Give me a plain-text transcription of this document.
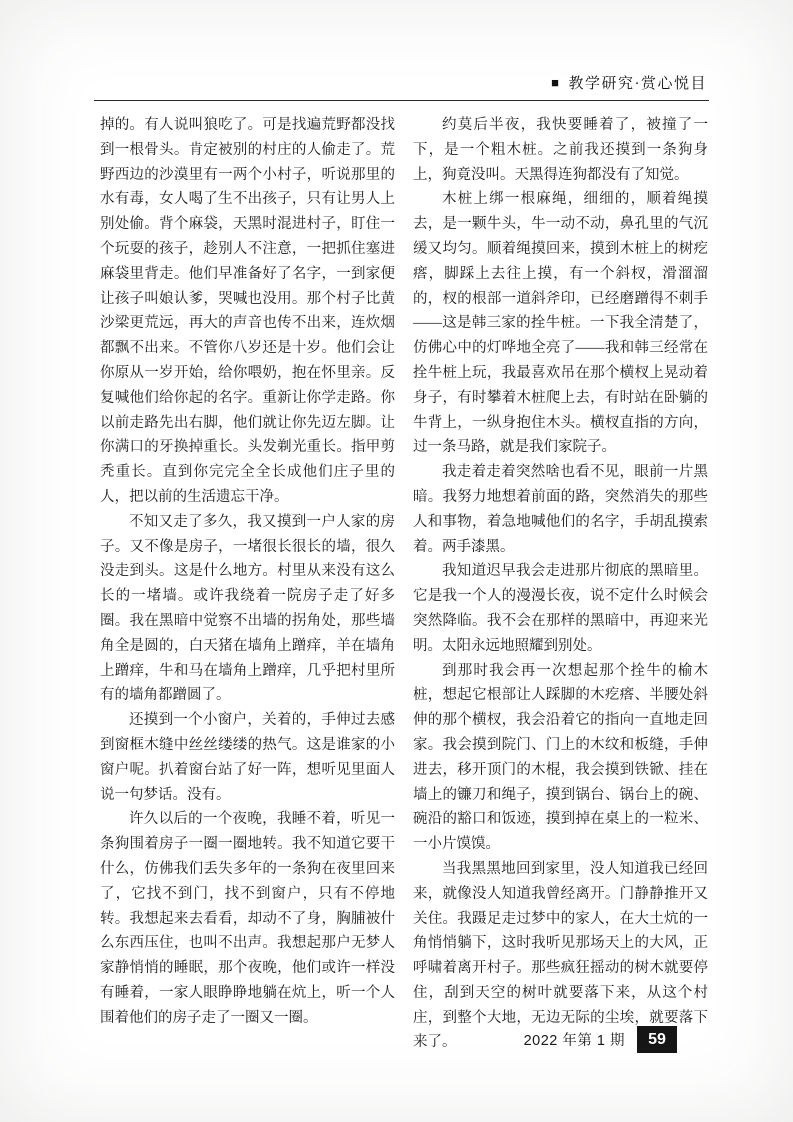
■ 教学研究·赏心悦目

掉的。有人说叫狼吃了。可是找遍荒野都没找到一根骨头。肯定被别的村庄的人偷走了。荒野西边的沙漠里有一两个小村子，听说那里的水有毒，女人喝了生不出孩子，只有让男人上别处偷。背个麻袋，天黑时混进村子，盯住一个玩耍的孩子，趁别人不注意，一把抓住塞进麻袋里背走。他们早准备好了名字，一到家便让孩子叫娘认爹，哭喊也没用。那个村子比黄沙梁更荒远，再大的声音也传不出来，连炊烟都飘不出来。不管你八岁还是十岁。他们会让你原从一岁开始，给你喂奶，抱在怀里亲。反复喊他们给你起的名字。重新让你学走路。你以前走路先出右脚，他们就让你先迈左脚。让你满口的牙换掉重长。头发剃光重长。指甲剪秃重长。直到你完完全全长成他们庄子里的人，把以前的生活遗忘干净。

不知又走了多久，我又摸到一户人家的房子。又不像是房子，一堵很长很长的墙，很久没走到头。这是什么地方。村里从来没有这么长的一堵墙。或许我绕着一院房子走了好多圈。我在黑暗中觉察不出墙的拐角处，那些墙角全是圆的，白天猪在墙角上蹭痒，羊在墙角上蹭痒，牛和马在墙角上蹭痒，几乎把村里所有的墙角都蹭圆了。

还摸到一个小窗户，关着的，手伸过去感到窗框木缝中丝丝缕缕的热气。这是谁家的小窗户呢。扒着窗台站了好一阵，想听见里面人说一句梦话。没有。

许久以后的一个夜晚，我睡不着，听见一条狗围着房子一圈一圈地转。我不知道它要干什么，仿佛我们丢失多年的一条狗在夜里回来了，它找不到门，找不到窗户，只有不停地转。我想起来去看看，却动不了身，胸脯被什么东西压住，也叫不出声。我想起那户无梦人家静悄悄的睡眠，那个夜晚，他们或许一样没有睡着，一家人眼睁睁地躺在炕上，听一个人围着他们的房子走了一圈又一圈。

约莫后半夜，我快要睡着了，被撞了一下，是一个粗木桩。之前我还摸到一条狗身上，狗竟没叫。天黑得连狗都没有了知觉。

木桩上绑一根麻绳，细细的，顺着绳摸去，是一颗牛头，牛一动不动，鼻孔里的气沉缓又均匀。顺着绳摸回来，摸到木桩上的树疙瘩，脚踩上去往上摸，有一个斜杈，滑溜溜的，杈的根部一道斜斧印，已经磨蹭得不刺手——这是韩三家的拴牛桩。一下我全清楚了，仿佛心中的灯哗地全亮了——我和韩三经常在拴牛桩上玩，我最喜欢吊在那个横杈上晃动着身子，有时攀着木桩爬上去，有时站在卧躺的牛背上，一纵身抱住木头。横杈直指的方向，过一条马路，就是我们家院子。

我走着走着突然啥也看不见，眼前一片黑暗。我努力地想着前面的路，突然消失的那些人和事物，着急地喊他们的名字，手胡乱摸索着。两手漆黑。

我知道迟早我会走进那片彻底的黑暗里。它是我一个人的漫漫长夜，说不定什么时候会突然降临。我不会在那样的黑暗中，再迎来光明。太阳永远地照耀到别处。

到那时我会再一次想起那个拴牛的榆木桩，想起它根部让人踩脚的木疙瘩、半腰处斜伸的那个横杈，我会沿着它的指向一直地走回家。我会摸到院门、门上的木纹和板缝，手伸进去，移开顶门的木棍，我会摸到铁锨、挂在墙上的镰刀和绳子，摸到锅台、锅台上的碗、碗沿的豁口和饭迹，摸到掉在桌上的一粒米、一小片馍馍。

当我黑黑地回到家里，没人知道我已经回来，就像没人知道我曾经离开。门静静推开又关住。我蹑足走过梦中的家人，在大土炕的一角悄悄躺下，这时我听见那场天上的大风，正呼啸着离开村子。那些疯狂摇动的树木就要停住，刮到天空的树叶就要落下来，从这个村庄，到整个大地，无边无际的尘埃，就要落下来了。	2022 年第 1 期	59
